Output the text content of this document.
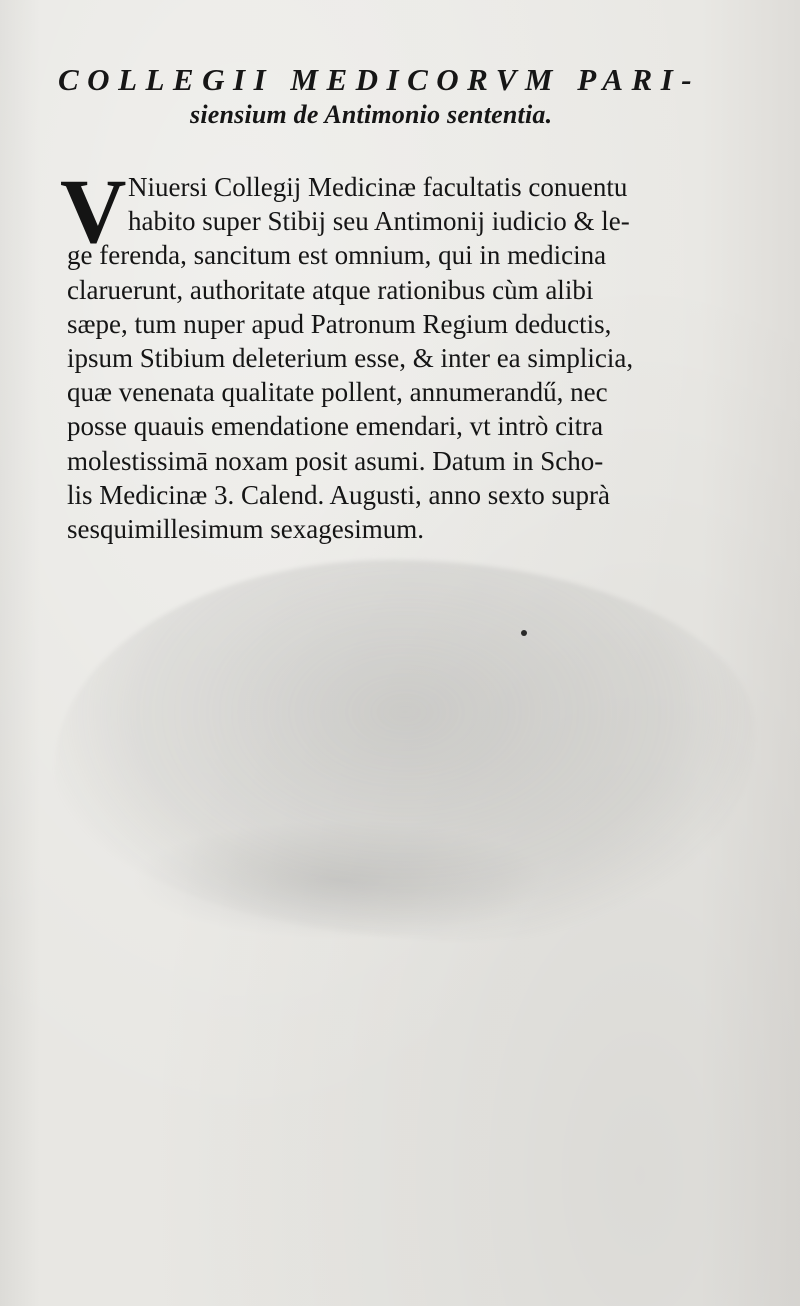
COLLEGII MEDICORVM PARI-
siensium de Antimonio sententia.
V Niuersi Collegij Medicinæ facultatis conuentu
habito super Stibij seu Antimonij iudicio & le-
ge ferenda, sancitum est omnium, qui in medicina
claruerunt, authoritate atque rationibus cùm alibi
sæpe, tum nuper apud Patronum Regium deductis,
ipsum Stibium deleterium esse, & inter ea simplicia,
quæ venenata qualitate pollent, annumerandű, nec
posse quauis emendatione emendari, vt intrò citra
molestissimā noxam posit asumi. Datum in Scho-
lis Medicinæ 3. Calend. Augusti, anno sexto suprà
sesquimillesimum sexagesimum.
